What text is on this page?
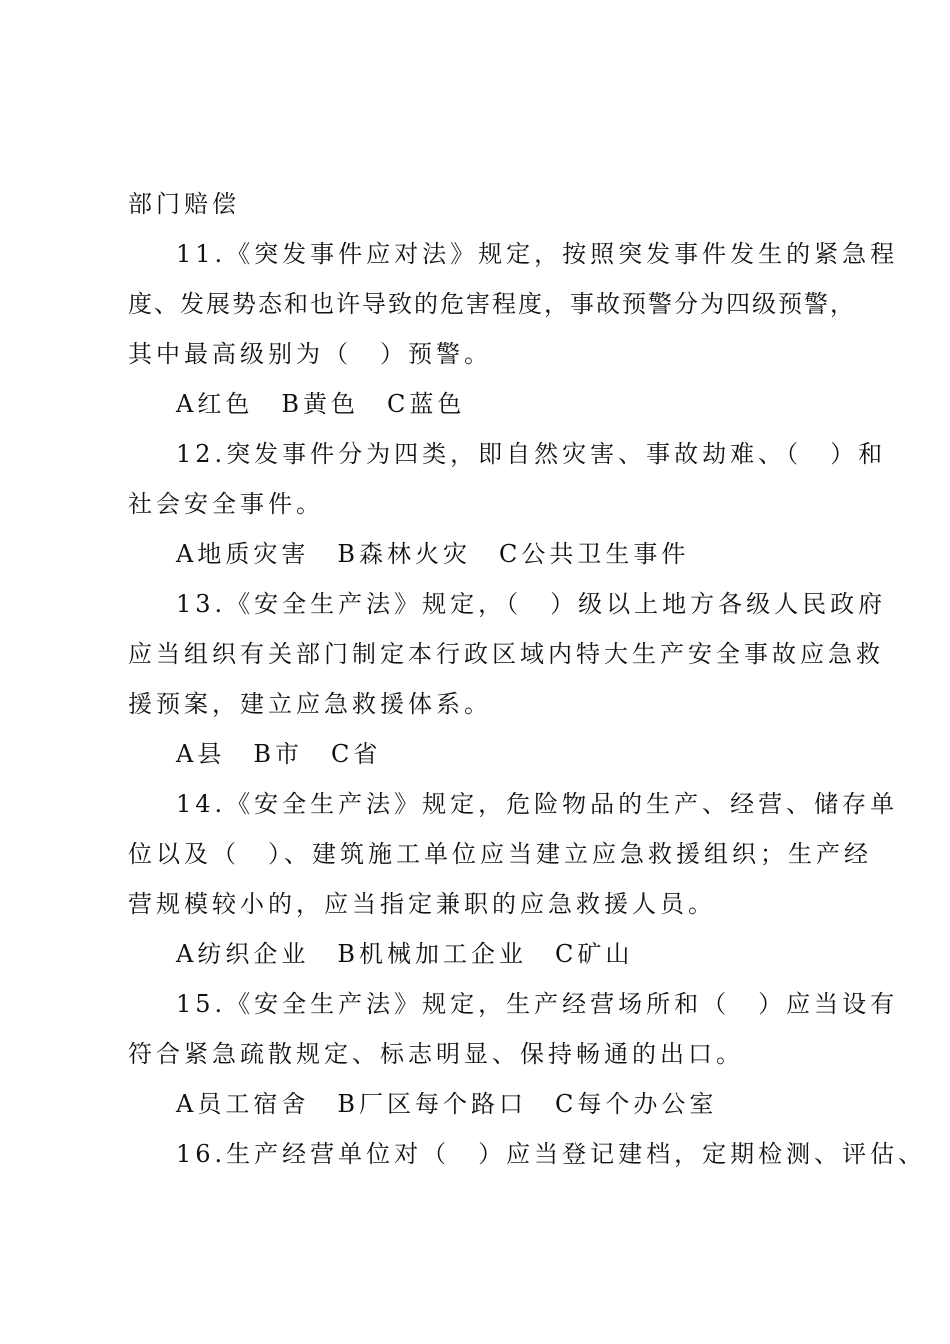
部门赔偿
11.《突发事件应对法》规定，按照突发事件发生的紧急程
度、发展势态和也许导致的危害程度，事故预警分为四级预警，
其中最高级别为（　）预警。
A红色　B黄色　C蓝色
12.突发事件分为四类，即自然灾害、事故劫难、（　）和
社会安全事件。
A地质灾害　B森林火灾　C公共卫生事件
13.《安全生产法》规定，（　）级以上地方各级人民政府
应当组织有关部门制定本行政区域内特大生产安全事故应急救
援预案，建立应急救援体系。
A县　B市　C省
14.《安全生产法》规定，危险物品的生产、经营、储存单
位以及（　）、建筑施工单位应当建立应急救援组织；生产经
营规模较小的，应当指定兼职的应急救援人员。
A纺织企业　B机械加工企业　C矿山
15.《安全生产法》规定，生产经营场所和（　）应当设有
符合紧急疏散规定、标志明显、保持畅通的出口。
A员工宿舍　B厂区每个路口　C每个办公室
16.生产经营单位对（　）应当登记建档，定期检测、评估、
